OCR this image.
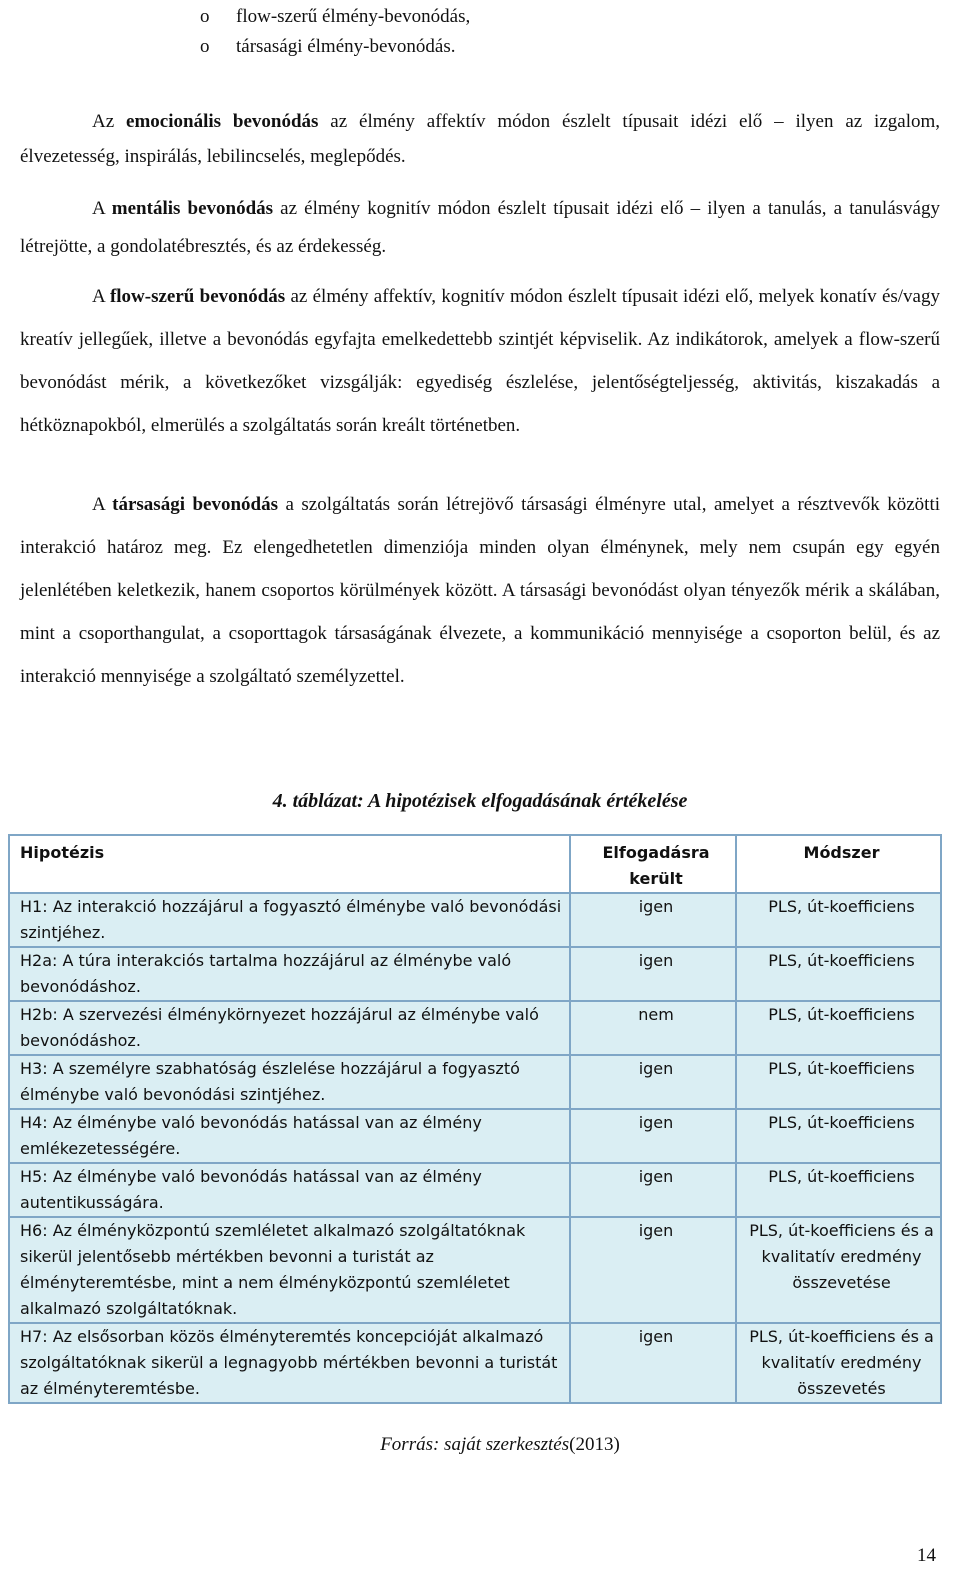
o	flow-szerű élmény-bevonódás,
o	társasági élmény-bevonódás.

Az emocionális bevonódás az élmény affektív módon észlelt típusait idézi elő – ilyen az izgalom, élvezetesség, inspirálás, lebilincselés, meglepődés.

A mentális bevonódás az élmény kognitív módon észlelt típusait idézi elő – ilyen a tanulás, a tanulásvágy létrejötte, a gondolatébresztés, és az érdekesség.

A flow-szerű bevonódás az élmény affektív, kognitív módon észlelt típusait idézi elő, melyek konatív és/vagy kreatív jellegűek, illetve a bevonódás egyfajta emelkedettebb szintjét képviselik. Az indikátorok, amelyek a flow-szerű bevonódást mérik, a következőket vizsgálják: egyediség észlelése, jelentőségteljesség, aktivitás, kiszakadás a hétköznapokból, elmerülés a szolgáltatás során kreált történetben.

A társasági bevonódás a szolgáltatás során létrejövő társasági élményre utal, amelyet a résztvevők közötti interakció határoz meg. Ez elengedhetetlen dimenziója minden olyan élménynek, mely nem csupán egy egyén jelenlétében keletkezik, hanem csoportos körülmények között. A társasági bevonódást olyan tényezők mérik a skálában, mint a csoporthangulat, a csoporttagok társaságának élvezete, a kommunikáció mennyisége a csoporton belül, és az interakció mennyisége a szolgáltató személyzettel.

4. táblázat: A hipotézisek elfogadásának értékelése
Hipotézis	Elfogadásra került	Módszer
H1: Az interakció hozzájárul a fogyasztó élménybe való bevonódási szintjéhez.	igen	PLS, út-koefficiens
H2a: A túra interakciós tartalma hozzájárul az élménybe való bevonódáshoz.	igen	PLS, út-koefficiens
H2b: A szervezési élménykörnyezet hozzájárul az élménybe való bevonódáshoz.	nem	PLS, út-koefficiens
H3: A személyre szabhatóság észlelése hozzájárul a fogyasztó élménybe való bevonódási szintjéhez.	igen	PLS, út-koefficiens
H4: Az élménybe való bevonódás hatással van az élmény emlékezetességére.	igen	PLS, út-koefficiens
H5: Az élménybe való bevonódás hatással van az élmény autentikusságára.	igen	PLS, út-koefficiens
H6: Az élményközpontú szemléletet alkalmazó szolgáltatóknak sikerül jelentősebb mértékben bevonni a turistát az élményteremtésbe, mint a nem élményközpontú szemléletet alkalmazó szolgáltatóknak.	igen	PLS, út-koefficiens és a kvalitatív eredmény összevetése
H7: Az elsősorban közös élményteremtés koncepcióját alkalmazó szolgáltatóknak sikerül a legnagyobb mértékben bevonni a turistát az élményteremtésbe.	igen	PLS, út-koefficiens és a kvalitatív eredmény összevetés
Forrás: saját szerkesztés(2013)
14
